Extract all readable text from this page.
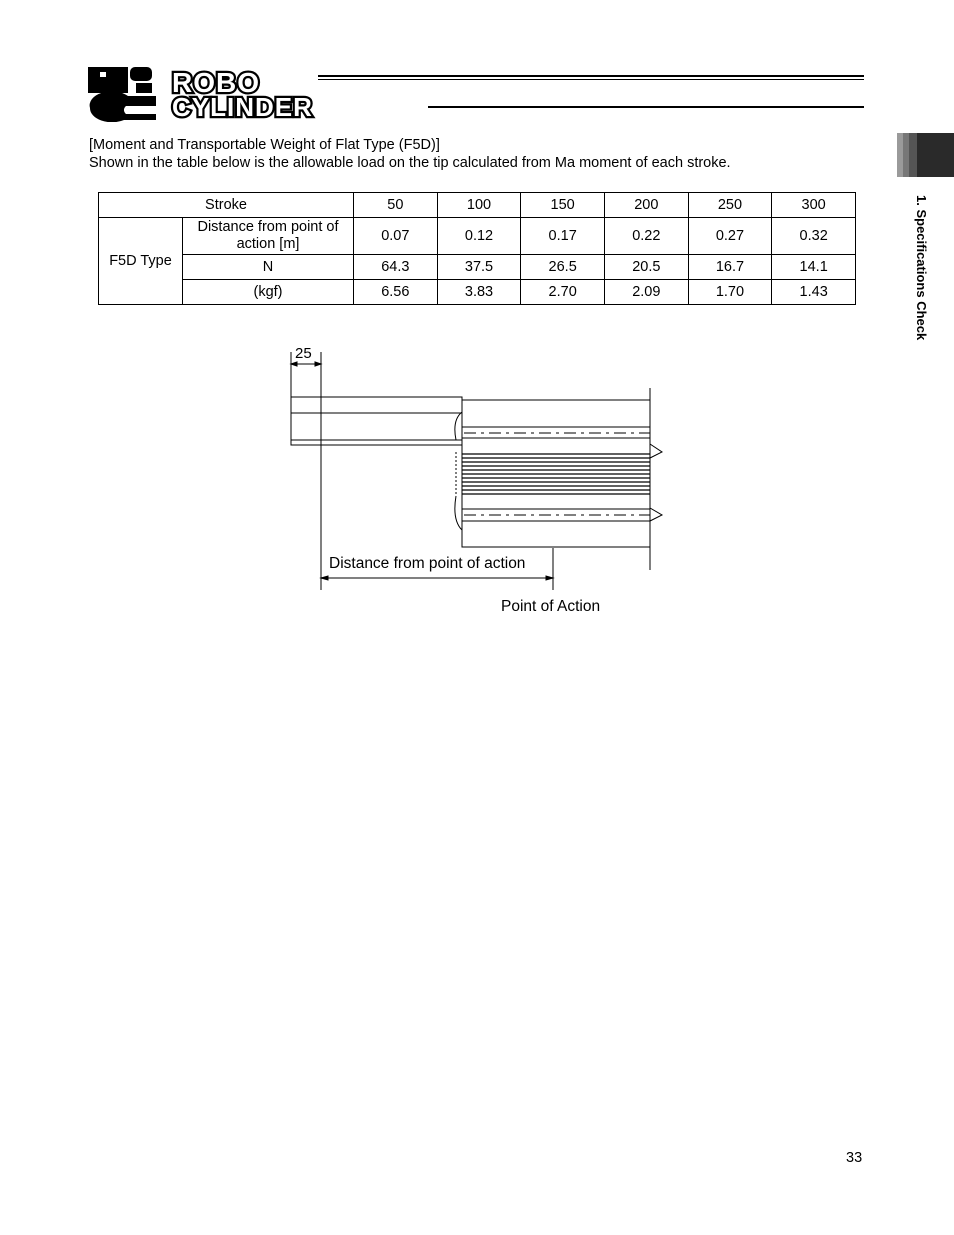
ROBO
CYLINDER
1. Specifications Check
[Moment and Transportable Weight of Flat Type (F5D)]
Shown in the table below is the allowable load on the tip calculated from Ma moment of each stroke.
Stroke		50	100	150	200	250	300
F5D Type	Distance from point of action [m]	0.07	0.12	0.17	0.22	0.27	0.32
	N	64.3	37.5	26.5	20.5	16.7	14.1
	(kgf)	6.56	3.83	2.70	2.09	1.70	1.43
25
Distance from point of action
Point of Action
33
